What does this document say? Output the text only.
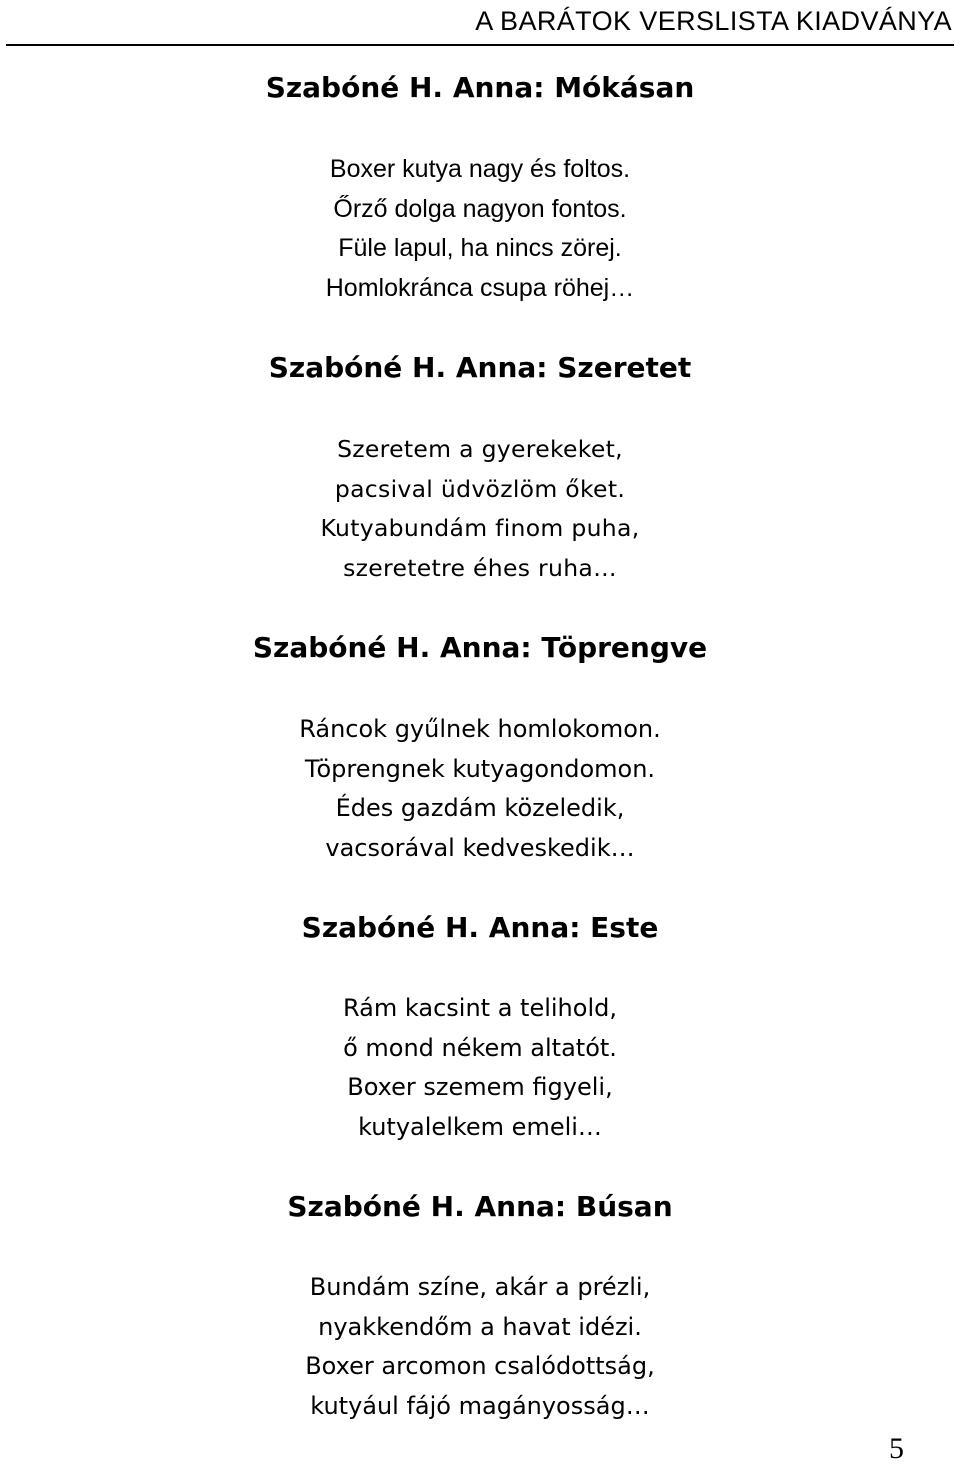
A BARÁTOK VERSLISTA KIADVÁNYA
Szabóné H. Anna: Mókásan
Boxer kutya nagy és foltos.
Őrző dolga nagyon fontos.
Füle lapul, ha nincs zörej.
Homlokránca csupa röhej…
Szabóné H. Anna: Szeretet
Szeretem a gyerekeket,
pacsival üdvözlöm őket.
Kutyabundám finom puha,
szeretetre éhes ruha…
Szabóné H. Anna: Töprengve
Ráncok gyűlnek homlokomon.
Töprengnek kutyagondomon.
Édes gazdám közeledik,
vacsorával kedveskedik…
Szabóné H. Anna: Este
Rám kacsint a telihold,
ő mond nékem altatót.
Boxer szemem figyeli,
kutyalelkem emeli…
Szabóné H. Anna: Búsan
Bundám színe, akár a prézli,
nyakkendőm a havat idézi.
Boxer arcomon csalódottság,
kutyául fájó magányosság…
5
